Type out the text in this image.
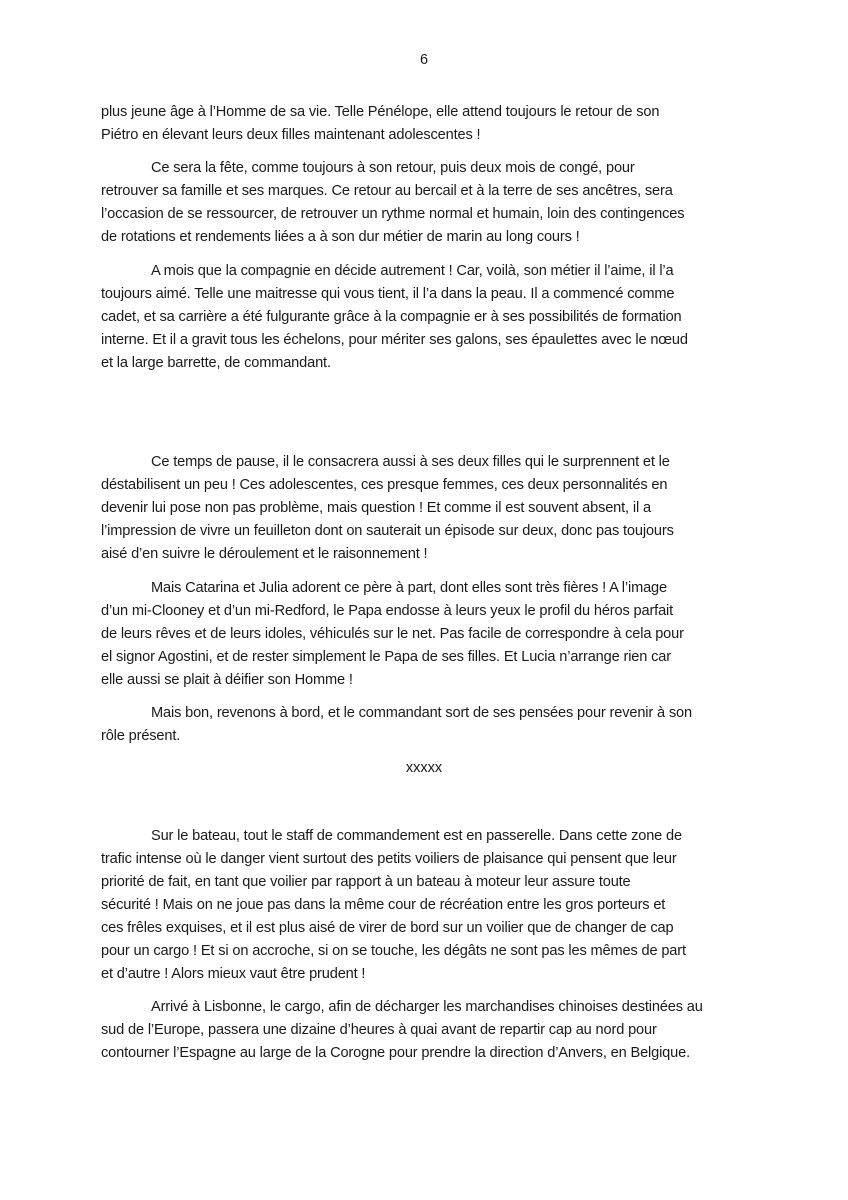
6
plus jeune âge à l’Homme de sa vie. Telle Pénélope, elle attend toujours le retour de son
Piétro en élevant leurs deux filles maintenant adolescentes !
Ce sera la fête, comme toujours à son retour, puis deux mois de congé, pour
retrouver sa famille et ses marques. Ce retour au bercail et à la terre de ses ancêtres, sera
l’occasion de se ressourcer, de retrouver un rythme normal et humain, loin des contingences
de rotations et rendements liées a à son dur métier de marin au long cours !
A mois que la compagnie en décide autrement ! Car, voilà, son métier il l’aime, il l’a
toujours aimé. Telle une maitresse qui vous tient, il l’a dans la peau. Il a commencé comme
cadet, et sa carrière a été fulgurante grâce à la compagnie er à ses possibilités de formation
interne. Et il a gravit tous les échelons, pour mériter ses galons, ses épaulettes avec le nœud
et la large barrette, de commandant.
Ce temps de pause, il le consacrera aussi à ses deux filles qui le surprennent et le
déstabilisent un peu ! Ces adolescentes, ces presque femmes, ces deux personnalités en
devenir lui pose non pas problème, mais question ! Et comme il est souvent absent, il a
l’impression de vivre un feuilleton dont on sauterait un épisode sur deux, donc pas toujours
aisé d’en suivre le déroulement et le raisonnement !
Mais Catarina et Julia adorent ce père à part, dont elles sont très fières ! A l’image
d’un mi-Clooney et d’un mi-Redford, le Papa endosse à leurs yeux le profil du héros parfait
de leurs rêves et de leurs idoles, véhiculés sur le net. Pas facile de correspondre à cela pour
el signor Agostini, et de rester simplement le Papa de ses filles. Et Lucia n’arrange rien car
elle aussi se plait à déifier son Homme !
Mais bon, revenons à bord, et le commandant sort de ses pensées pour revenir à son
rôle présent.
xxxxx
Sur le bateau, tout le staff de commandement est en passerelle. Dans cette zone de
trafic intense où le danger vient surtout des petits voiliers de plaisance qui pensent que leur
priorité de fait, en tant que voilier par rapport à un bateau à moteur leur assure toute
sécurité ! Mais on ne joue pas dans la même cour de récréation entre les gros porteurs et
ces frêles exquises, et il est plus aisé de virer de bord sur un voilier que de changer de cap
pour un cargo ! Et si on accroche, si on se touche, les dégâts ne sont pas les mêmes de part
et d’autre ! Alors mieux vaut être prudent !
Arrivé à Lisbonne, le cargo, afin de décharger les marchandises chinoises destinées au
sud de l’Europe, passera une dizaine d’heures à quai avant de repartir cap au nord pour
contourner l’Espagne au large de la Corogne pour prendre la direction d’Anvers, en Belgique.
